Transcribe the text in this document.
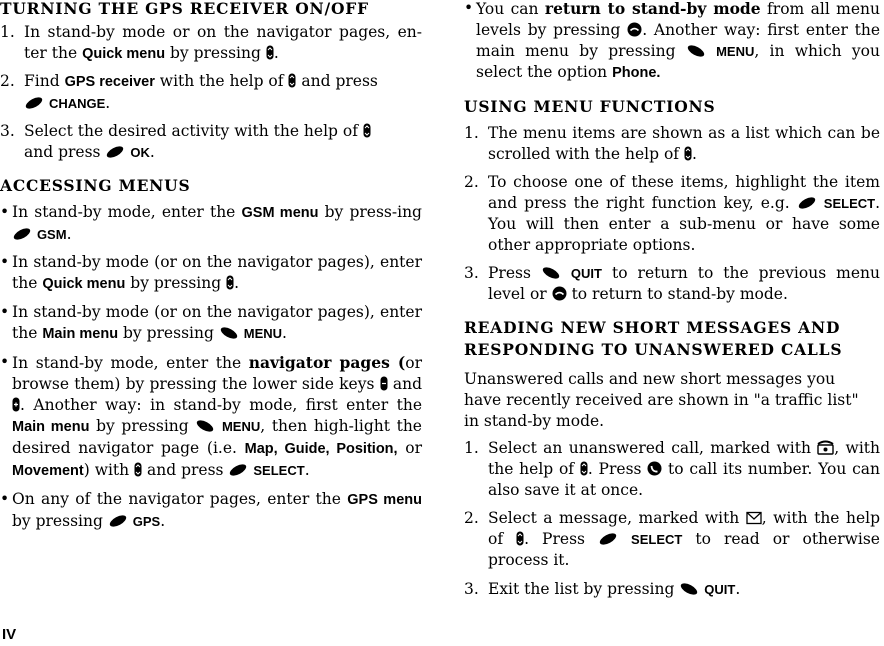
TURNING THE GPS RECEIVER ON/OFF

1. In stand-by mode or on the navigator pages, en-ter the Quick menu by pressing .

2. Find GPS receiver with the help of and press
CHANGE.

3. Select the desired activity with the help of
and press OK.

ACCESSING MENUS

• In stand-by mode, enter the GSM menu by press-ing  GSM.

• In stand-by mode (or on the navigator pages), enter the Quick menu by pressing .

• In stand-by mode (or on the navigator pages), enter the Main menu by pressing MENU.

• In stand-by mode, enter the navigator pages (or browse them) by pressing the lower side keys and . Another way: in stand-by mode, first enter the Main menu by pressing	MENU, then high-light the desired navigator page (i.e. Map, Guide, Position, or Movement) with and press SELECT.

• On any of the navigator pages, enter the GPS menu by pressing GPS.

• You can return to stand-by mode from all menu levels by pressing . Another way: first enter the main menu by pressing	MENU, in which you select the option Phone.

USING MENU FUNCTIONS

1. The menu items are shown as a list which can be scrolled with the help of .

2. To choose one of these items, highlight the item and press the right function key, e.g.	SELECT. You will then enter a sub-menu or have some other appropriate options.

3. Press	QUIT to return to the previous menu level or to return to stand-by mode.

READING NEW SHORT MESSAGES AND
RESPONDING TO UNANSWERED CALLS

Unanswered calls and new short messages you have recently received are shown in "a traffic list" in stand-by mode.

1. Select an unanswered call, marked with , with the help of . Press to call its number. You can also save it at once.

2. Select a message, marked with , with the help of . Press	SELECT to read or otherwise process it.

3. Exit the list by pressing QUIT.

IV
